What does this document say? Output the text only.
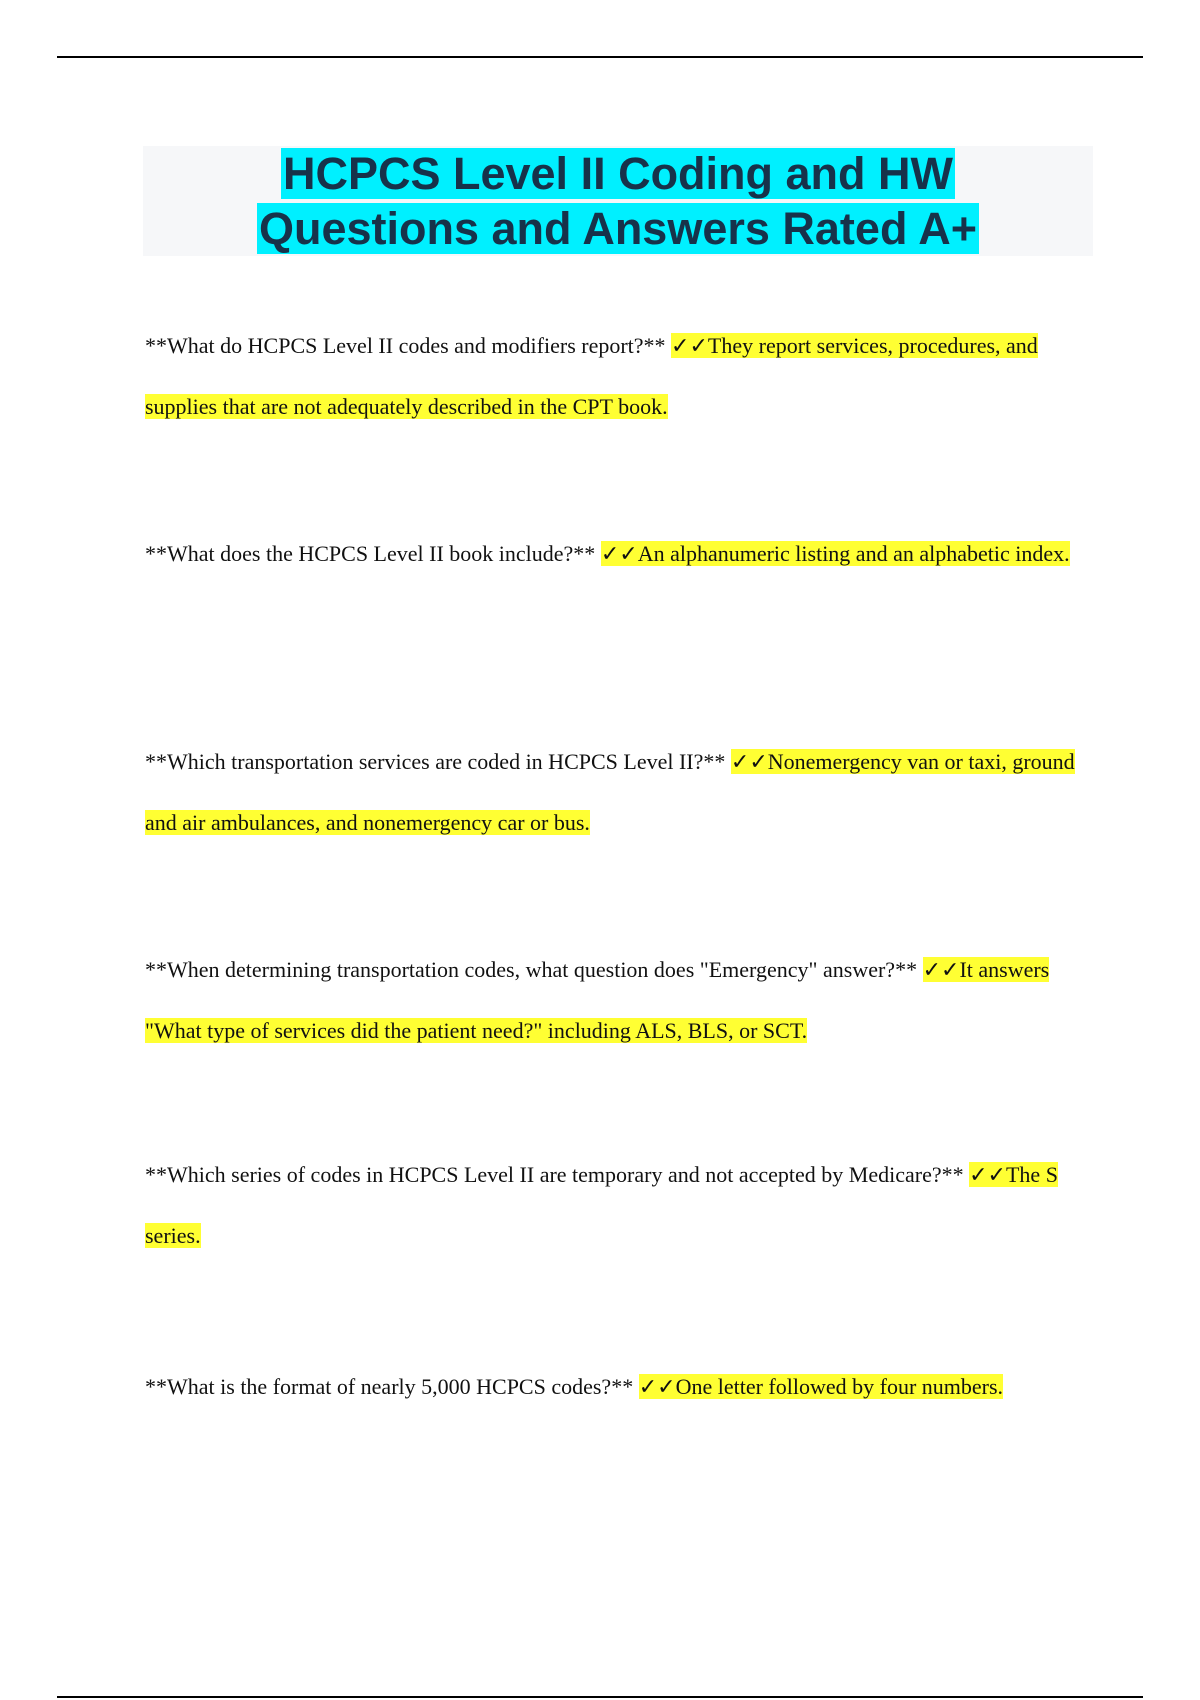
HCPCS Level II Coding and HW
Questions and Answers Rated A+

**What do HCPCS Level II codes and modifiers report?** ✓✓They report services, procedures, and supplies that are not adequately described in the CPT book.

**What does the HCPCS Level II book include?** ✓✓An alphanumeric listing and an alphabetic index.

**Which transportation services are coded in HCPCS Level II?** ✓✓Nonemergency van or taxi, ground and air ambulances, and nonemergency car or bus.

**When determining transportation codes, what question does "Emergency" answer?** ✓✓It answers "What type of services did the patient need?" including ALS, BLS, or SCT.

**Which series of codes in HCPCS Level II are temporary and not accepted by Medicare?** ✓✓The S series.

**What is the format of nearly 5,000 HCPCS codes?** ✓✓One letter followed by four numbers.
